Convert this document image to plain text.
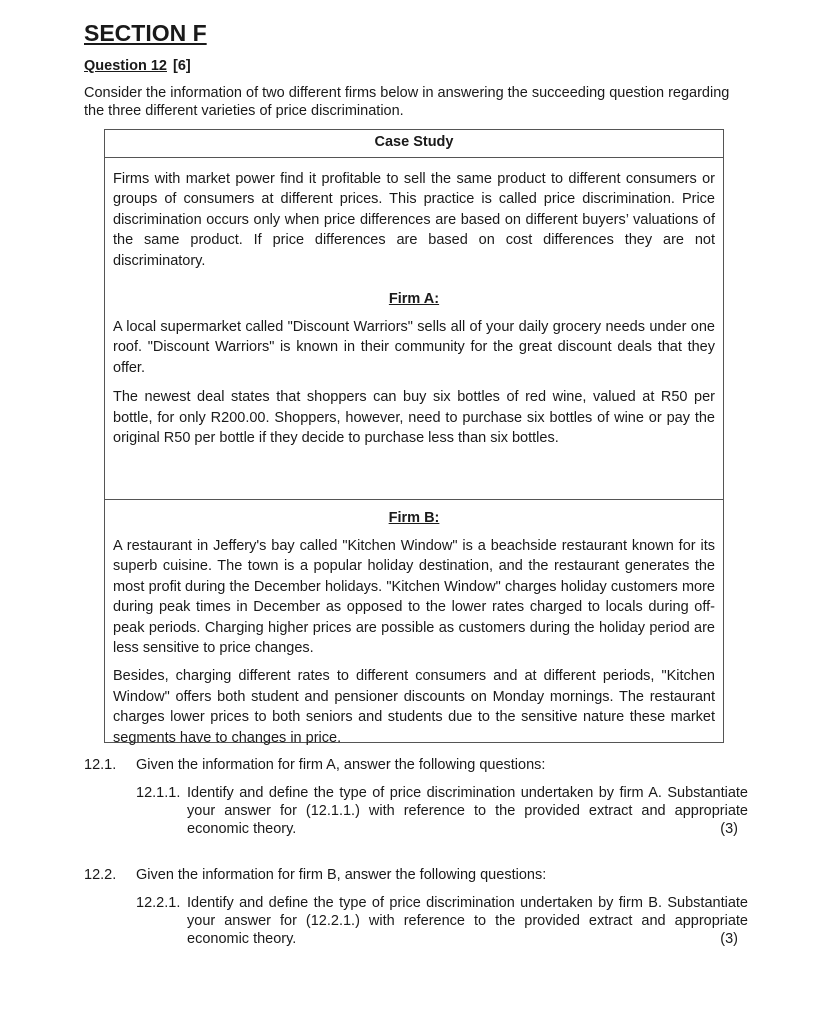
SECTION F
Question 12 [6]

Consider the information of two different firms below in answering the succeeding question regarding the three different varieties of price discrimination.

Case Study

Firms with market power find it profitable to sell the same product to different consumers or groups of consumers at different prices. This practice is called price discrimination. Price discrimination occurs only when price differences are based on different buyers’ valuations of the same product. If price differences are based on cost differences they are not discriminatory.

Firm A:

A local supermarket called "Discount Warriors" sells all of your daily grocery needs under one roof. "Discount Warriors" is known in their community for the great discount deals that they offer.

The newest deal states that shoppers can buy six bottles of red wine, valued at R50 per bottle, for only R200.00. Shoppers, however, need to purchase six bottles of wine or pay the original R50 per bottle if they decide to purchase less than six bottles.

Firm B:

A restaurant in Jeffery's bay called "Kitchen Window" is a beachside restaurant known for its superb cuisine. The town is a popular holiday destination, and the restaurant generates the most profit during the December holidays. "Kitchen Window" charges holiday customers more during peak times in December as opposed to the lower rates charged to locals during off-peak periods. Charging higher prices are possible as customers during the holiday period are less sensitive to price changes.

Besides, charging different rates to different consumers and at different periods, "Kitchen Window" offers both student and pensioner discounts on Monday mornings. The restaurant charges lower prices to both seniors and students due to the sensitive nature these market segments have to changes in price.

12.1. Given the information for firm A, answer the following questions:
12.1.1. Identify and define the type of price discrimination undertaken by firm A. Substantiate your answer for (12.1.1.) with reference to the provided extract and appropriate economic theory.	(3)
12.2. Given the information for firm B, answer the following questions:
12.2.1. Identify and define the type of price discrimination undertaken by firm B. Substantiate your answer for (12.2.1.) with reference to the provided extract and appropriate economic theory.	(3)
